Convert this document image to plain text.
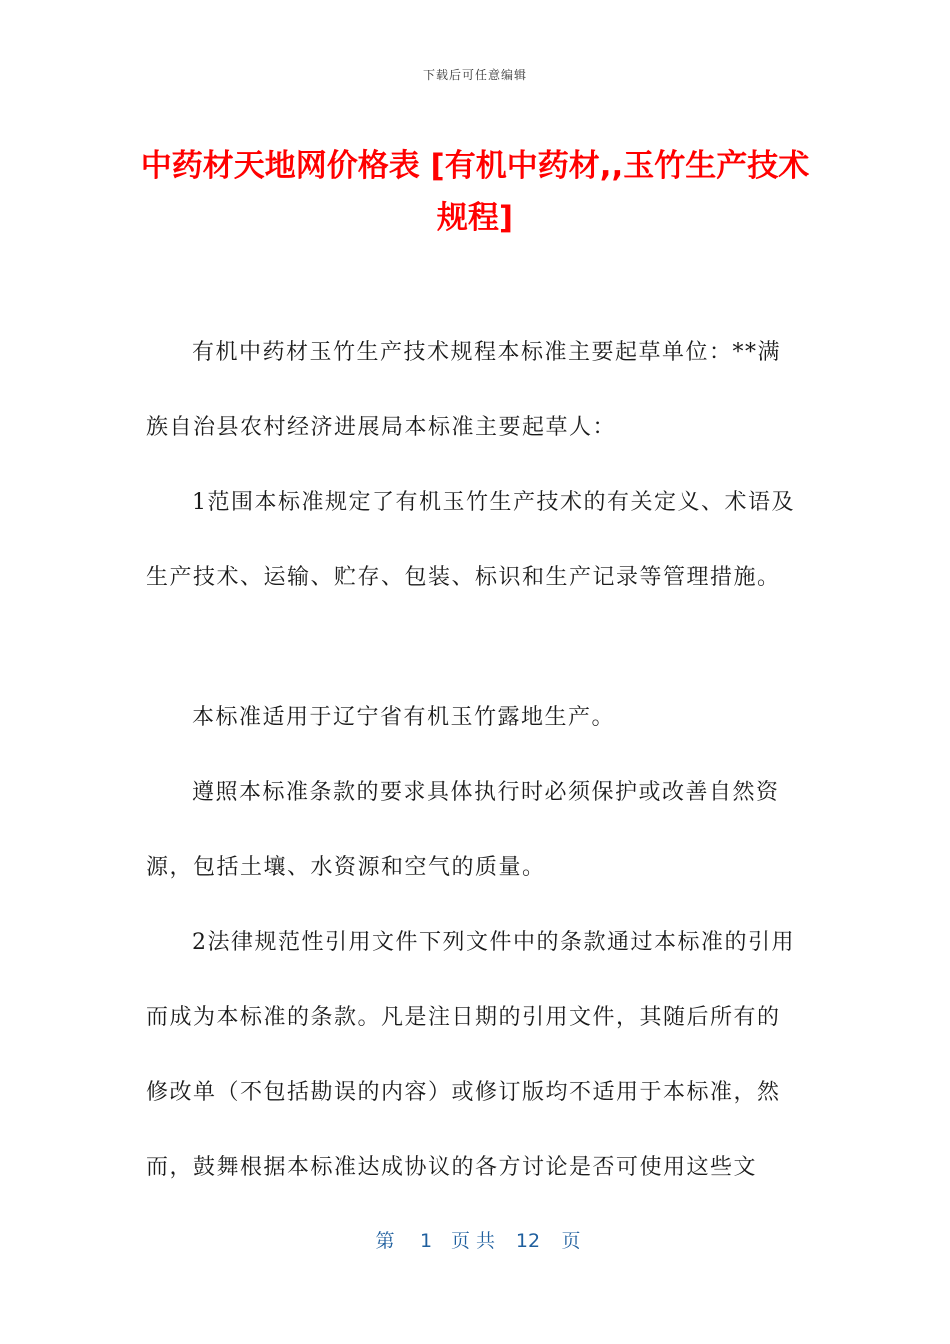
下载后可任意编辑
中药材天地网价格表 [有机中药材,,玉竹生产技术规程]

有机中药材玉竹生产技术规程本标准主要起草单位：**满族自治县农村经济进展局本标准主要起草人：

1范围本标准规定了有机玉竹生产技术的有关定义、术语及生产技术、运输、贮存、包装、标识和生产记录等管理措施。

本标准适用于辽宁省有机玉竹露地生产。

遵照本标准条款的要求具体执行时必须保护或改善自然资源，包括土壤、水资源和空气的质量。

2法律规范性引用文件下列文件中的条款通过本标准的引用而成为本标准的条款。凡是注日期的引用文件，其随后所有的修改单（不包括勘误的内容）或修订版均不适用于本标准，然而，鼓舞根据本标准达成协议的各方讨论是否可使用这些文

第 1 页 共 12 页
